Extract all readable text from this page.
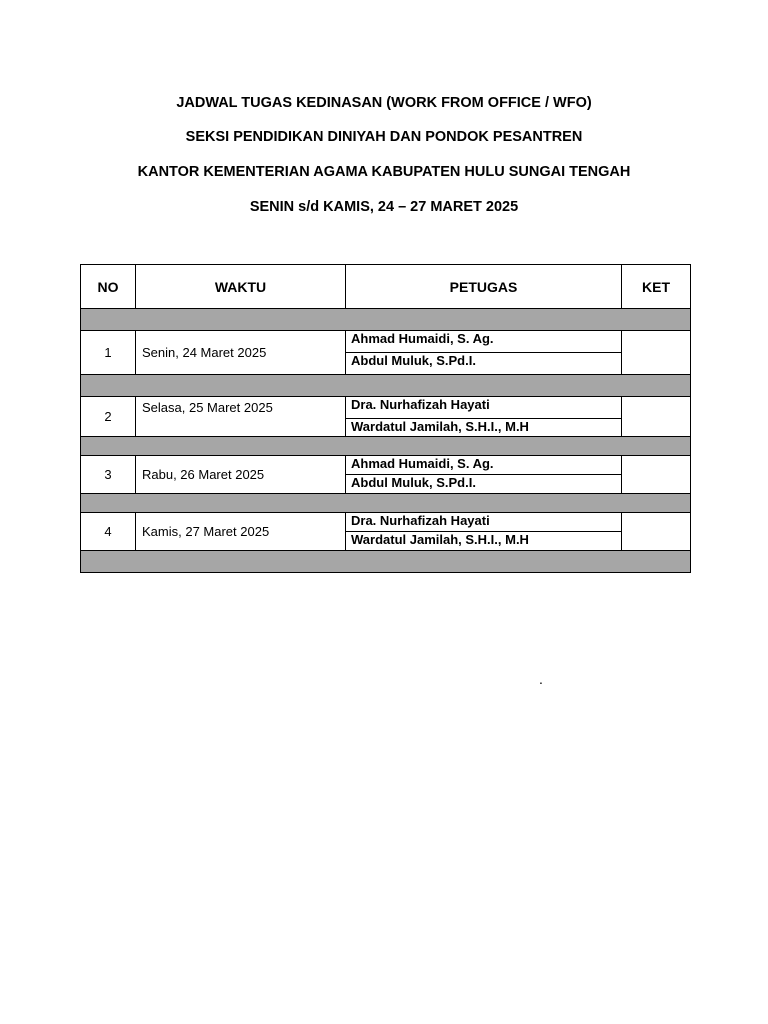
JADWAL TUGAS KEDINASAN (WORK FROM OFFICE / WFO)
SEKSI PENDIDIKAN DINIYAH DAN PONDOK PESANTREN
KANTOR KEMENTERIAN AGAMA KABUPATEN HULU SUNGAI TENGAH
SENIN s/d KAMIS, 24 – 27 MARET 2025
NO	WAKTU	PETUGAS	KET

1	Senin, 24 Maret 2025	Ahmad Humaidi, S. Ag.	
		Abdul Muluk, S.Pd.I.	

2	Selasa, 25 Maret 2025	Dra. Nurhafizah Hayati	
		Wardatul Jamilah, S.H.I., M.H	

3	Rabu, 26 Maret 2025	Ahmad Humaidi, S. Ag.	
		Abdul Muluk, S.Pd.I.	

4	Kamis, 27 Maret 2025	Dra. Nurhafizah Hayati	
		Wardatul Jamilah, S.H.I., M.H	

.
